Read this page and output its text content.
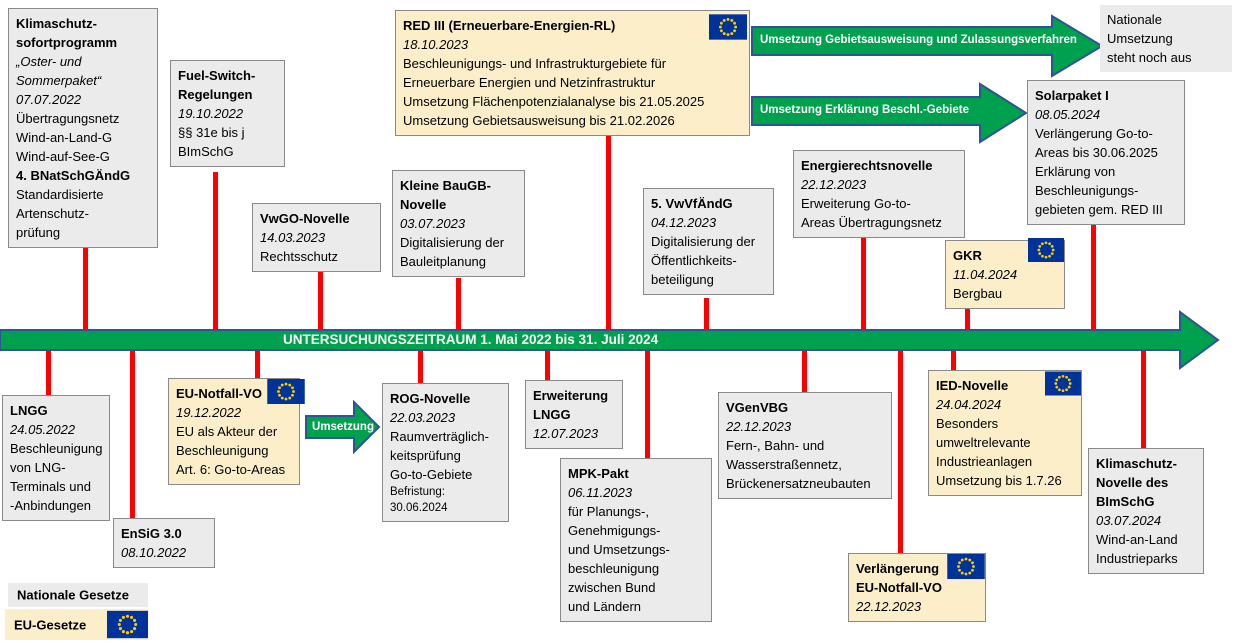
UNTERSUCHUNGSZEITRAUM 1. Mai 2022 bis 31. Juli 2024
Umsetzung Gebietsausweisung und Zulassungsverfahren
Umsetzung Erklärung Beschl.-Gebiete
Umsetzung
Klimaschutz-
sofortprogramm
„Oster- und
Sommerpaket“
07.07.2022
Übertragungsnetz
Wind-an-Land-G
Wind-auf-See-G
4. BNatSchGÄndG
Standardisierte
Artenschutz-
prüfung
Fuel-Switch-
Regelungen
19.10.2022
§§ 31e bis j
BImSchG
VwGO-Novelle
14.03.2023
Rechtsschutz
Kleine BauGB-
Novelle
03.07.2023
Digitalisierung der
Bauleitplanung
RED III (Erneuerbare-Energien-RL)
18.10.2023
Beschleunigungs- und Infrastrukturgebiete für
Erneuerbare Energien und Netzinfrastruktur
Umsetzung Flächenpotenzialanalyse bis 21.05.2025
Umsetzung Gebietsausweisung bis 21.02.2026
5. VwVfÄndG
04.12.2023
Digitalisierung der
Öffentlichkeits-
beteiligung
Energierechtsnovelle
22.12.2023
Erweiterung Go-to-
Areas Übertragungsnetz
GKR
11.04.2024
Bergbau
Solarpaket I
08.05.2024
Verlängerung Go-to-
Areas bis 30.06.2025
Erklärung von
Beschleunigungs-
gebieten gem. RED III
Nationale
Umsetzung
steht noch aus
LNGG
24.05.2022
Beschleunigung
von LNG-
Terminals und
-Anbindungen
EnSiG 3.0
08.10.2022
EU-Notfall-VO
19.12.2022
EU als Akteur der
Beschleunigung
Art. 6: Go-to-Areas
ROG-Novelle
22.03.2023
Raumverträglich-
keitsprüfung
Go-to-Gebiete
Befristung:
30.06.2024
Erweiterung
LNGG
12.07.2023
MPK-Pakt
06.11.2023
für Planungs-,
Genehmigungs-
und Umsetzungs-
beschleunigung
zwischen Bund
und Ländern
VGenVBG
22.12.2023
Fern-, Bahn- und
Wasserstraßennetz,
Brückenersatzneubauten
Verlängerung
EU-Notfall-VO
22.12.2023
IED-Novelle
24.04.2024
Besonders
umweltrelevante
Industrieanlagen
Umsetzung bis 1.7.26
Klimaschutz-
Novelle des
BImSchG
03.07.2024
Wind-an-Land
Industrieparks
Nationale Gesetze
EU-Gesetze
